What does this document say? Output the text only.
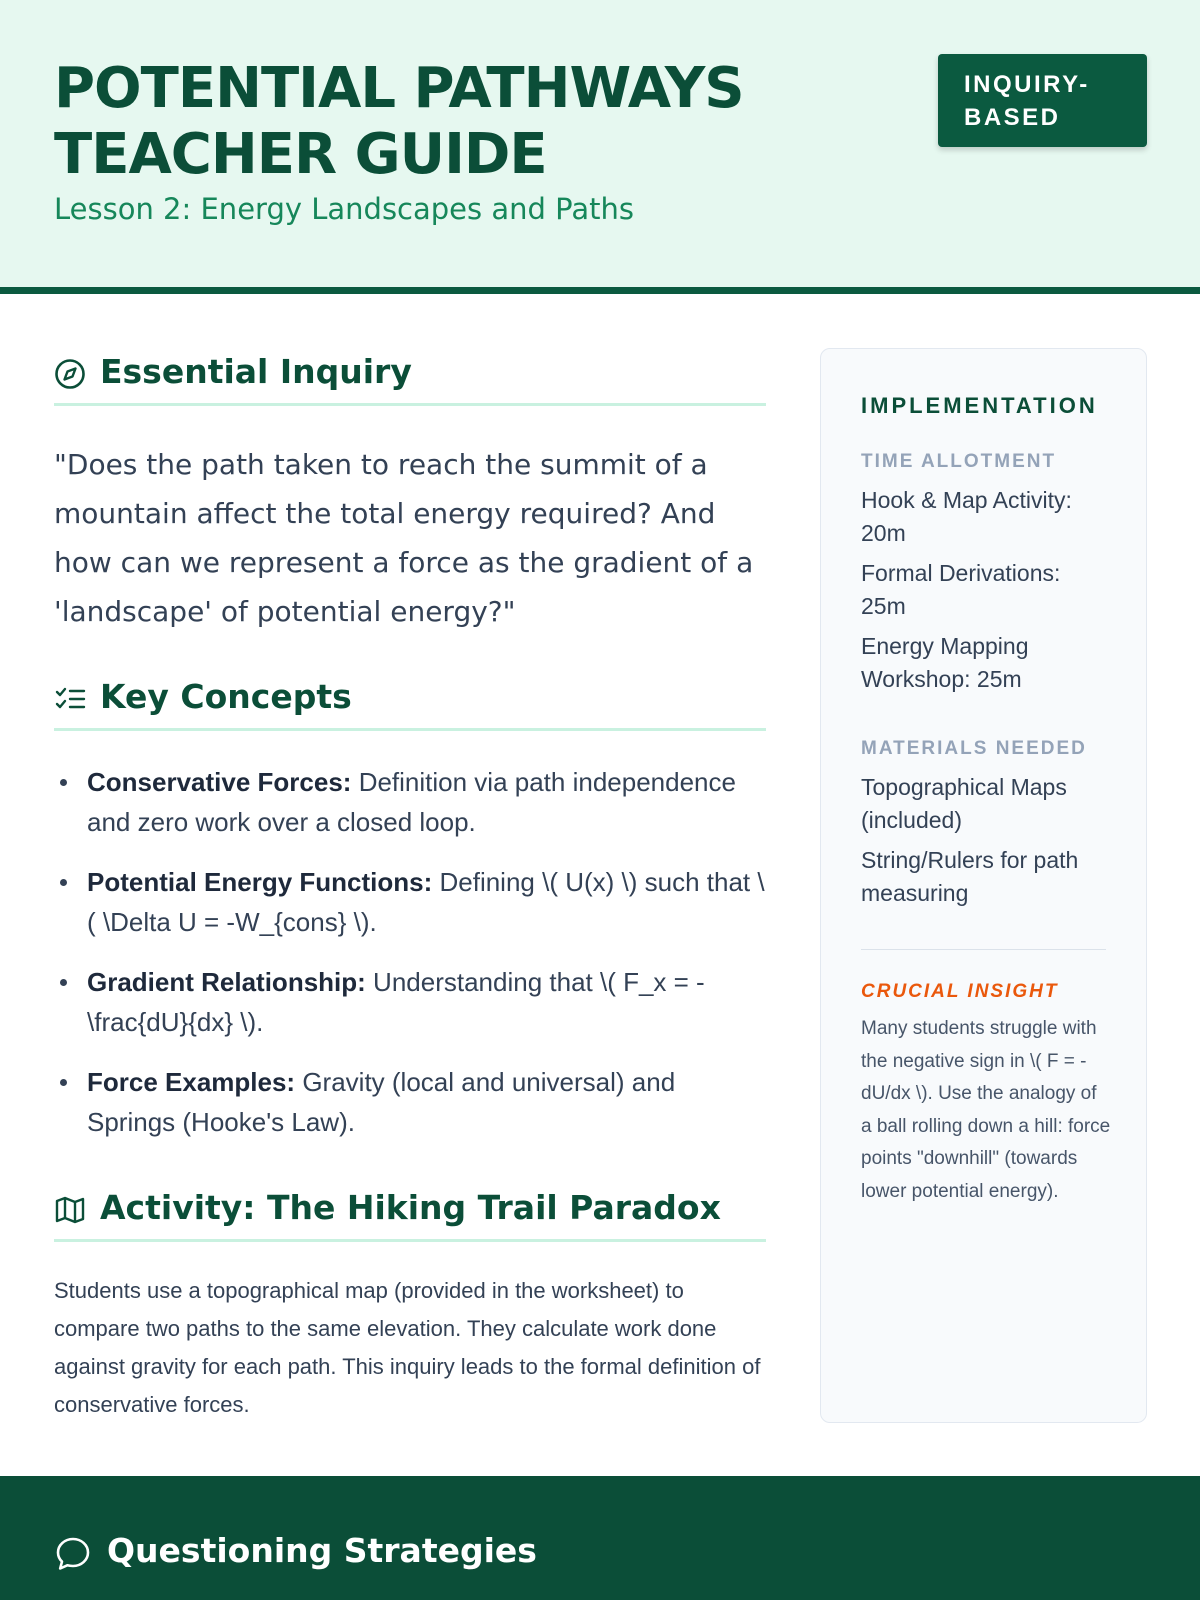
POTENTIAL PATHWAYS
TEACHER GUIDE
Lesson 2: Energy Landscapes and Paths
INQUIRY-
BASED
Essential Inquiry
"Does the path taken to reach the summit of a mountain affect the total energy required? And how can we represent a force as the gradient of a 'landscape' of potential energy?"
Key Concepts
Conservative Forces: Definition via path independence and zero work over a closed loop.
Potential Energy Functions: Defining \( U(x) \) such that \( \Delta U = -W_{cons} \).
Gradient Relationship: Understanding that \( F_x = -\frac{dU}{dx} \).
Force Examples: Gravity (local and universal) and Springs (Hooke's Law).
Activity: The Hiking Trail Paradox
Students use a topographical map (provided in the worksheet) to compare two paths to the same elevation. They calculate work done against gravity for each path. This inquiry leads to the formal definition of conservative forces.
IMPLEMENTATION
TIME ALLOTMENT
Hook & Map Activity: 20m
Formal Derivations: 25m
Energy Mapping Workshop: 25m
MATERIALS NEEDED
Topographical Maps (included)
String/Rulers for path measuring
CRUCIAL INSIGHT
Many students struggle with the negative sign in \( F = -dU/dx \). Use the analogy of a ball rolling down a hill: force points "downhill" (towards lower potential energy).
Questioning Strategies
